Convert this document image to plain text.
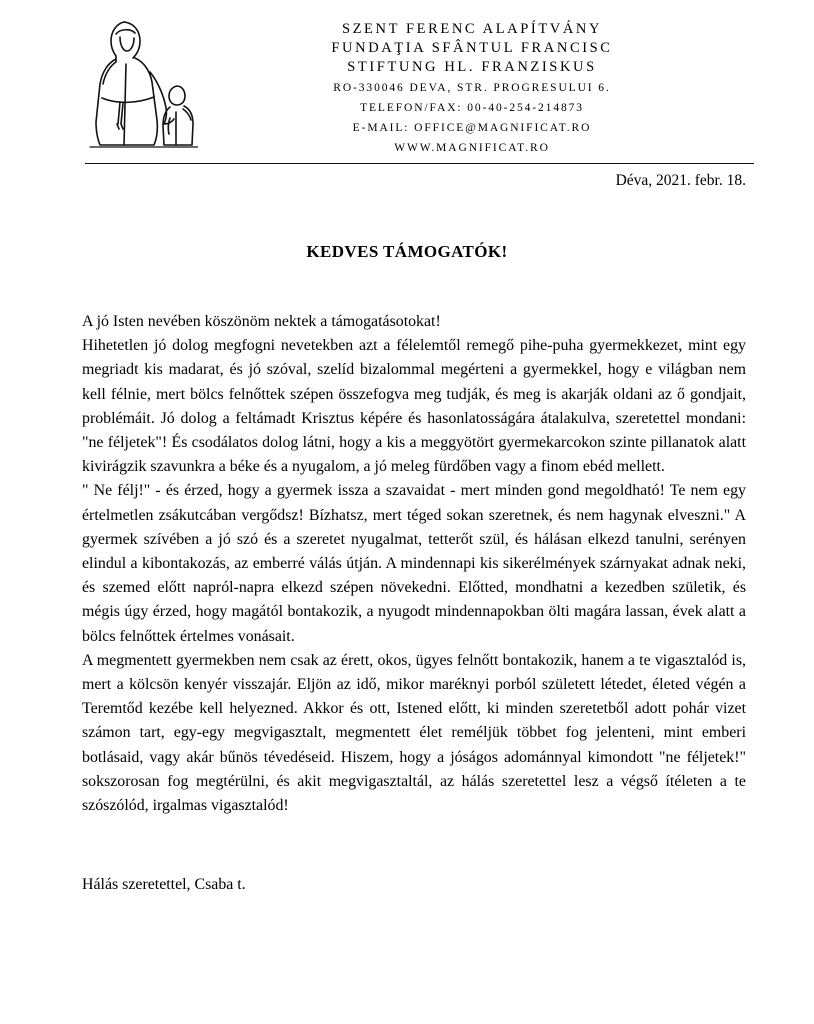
SZENT FERENC ALAPÍTVÁNY
FUNDAŢIA SFÂNTUL FRANCISC
STIFTUNG HL. FRANZISKUS
RO-330046 DEVA, STR. PROGRESULUI 6.
TELEFON/FAX: 00-40-254-214873
E-MAIL: OFFICE@MAGNIFICAT.RO
WWW.MAGNIFICAT.RO
Déva, 2021. febr. 18.
KEDVES TÁMOGATÓK!

A jó Isten nevében köszönöm nektek a támogatásotokat!

Hihetetlen jó dolog megfogni nevetekben azt a félelemtől remegő pihe-puha gyermekkezet, mint egy megriadt kis madarat, és jó szóval, szelíd bizalommal megérteni a gyermekkel, hogy e világban nem kell félnie, mert bölcs felnőttek szépen összefogva meg tudják, és meg is akarják oldani az ő gondjait, problémáit. Jó dolog a feltámadt Krisztus képére és hasonlatosságára átalakulva, szeretettel mondani: "ne féljetek"! És csodálatos dolog látni, hogy a kis a meggyötört gyermekarcokon szinte pillanatok alatt kivirágzik szavunkra a béke és a nyugalom, a jó meleg fürdőben vagy a finom ebéd mellett.

" Ne félj!" - és érzed, hogy a gyermek issza a szavaidat - mert minden gond megoldható! Te nem egy értelmetlen zsákutcában vergődsz! Bízhatsz, mert téged sokan szeretnek, és nem hagynak elveszni." A gyermek szívében a jó szó és a szeretet nyugalmat, tetterőt szül, és hálásan elkezd tanulni, serényen elindul a kibontakozás, az emberré válás útján. A mindennapi kis sikerélmények szárnyakat adnak neki, és szemed előtt napról-napra elkezd szépen növekedni. Előtted, mondhatni a kezedben születik, és mégis úgy érzed, hogy magától bontakozik, a nyugodt mindennapokban ölti magára lassan, évek alatt a bölcs felnőttek értelmes vonásait.

A megmentett gyermekben nem csak az érett, okos, ügyes felnőtt bontakozik, hanem a te vigasztalód is, mert a kölcsön kenyér visszajár. Eljön az idő, mikor maréknyi porból született létedet, életed végén a Teremtőd kezébe kell helyezned. Akkor és ott, Istened előtt, ki minden szeretetből adott pohár vizet számon tart, egy-egy megvigasztalt, megmentett élet reméljük többet fog jelenteni, mint emberi botlásaid, vagy akár bűnös tévedéseid. Hiszem, hogy a jóságos adománnyal kimondott "ne féljetek!" sokszorosan fog megtérülni, és akit megvigasztaltál, az hálás szeretettel lesz a végső ítéleten a te szószólód, irgalmas vigasztalód!

Hálás szeretettel, Csaba t.
